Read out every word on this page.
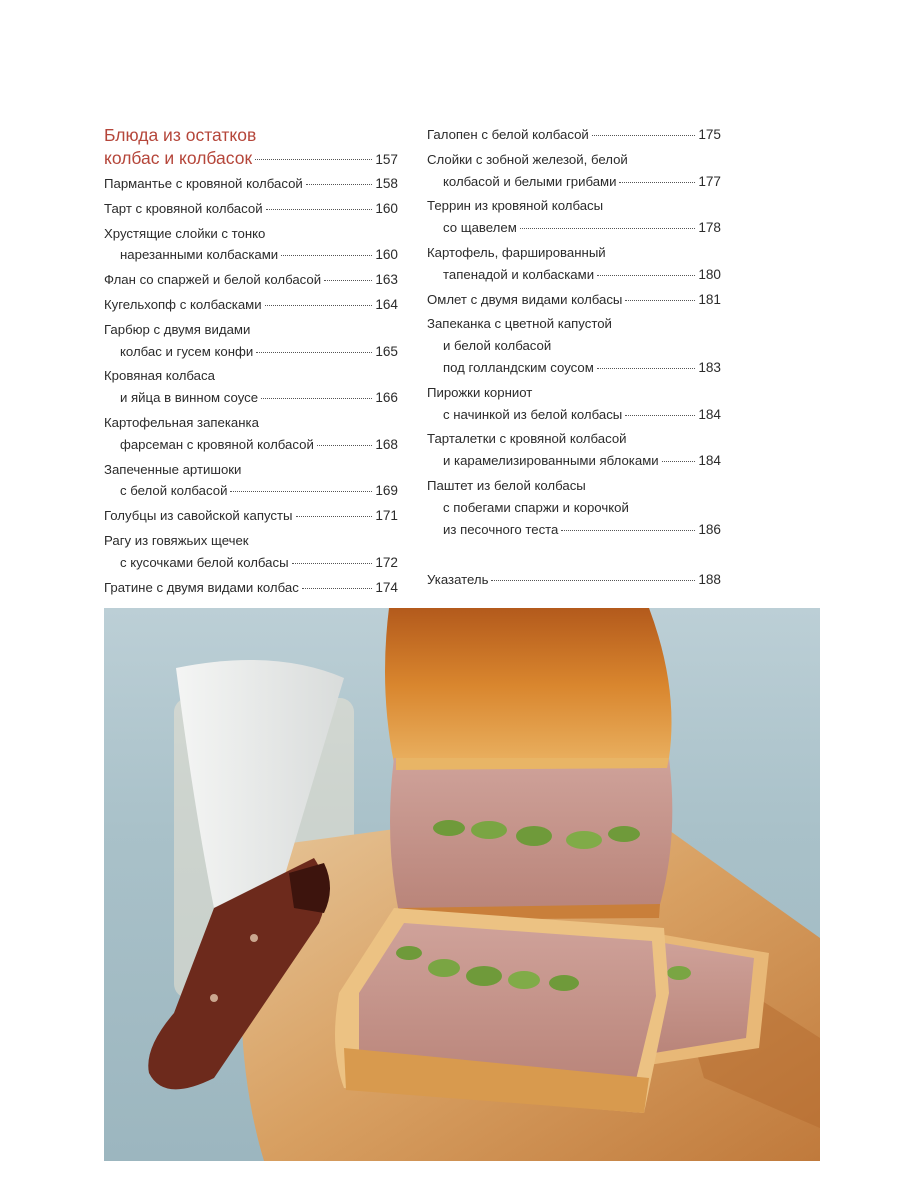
Блюда из остатков
колбас и колбасок	157
Пармантье с кровяной колбасой	158
Тарт с кровяной колбасой	160
Хрустящие слойки с тонко
нарезанными колбасками	160
Флан со спаржей и белой колбасой	163
Кугельхопф с колбасками	164
Гарбюр с двумя видами
колбас и гусем конфи	165
Кровяная колбаса
и яйца в винном соусе	166
Картофельная запеканка
фарсеман с кровяной колбасой	168
Запеченные артишоки
с белой колбасой	169
Голубцы из савойской капусты	171
Рагу из говяжьих щечек
с кусочками белой колбасы	172
Гратине с двумя видами колбас	174
Галопен с белой колбасой	175
Слойки с зобной железой, белой
колбасой и белыми грибами	177
Террин из кровяной колбасы
со щавелем	178
Картофель, фаршированный
тапенадой и колбасками	180
Омлет с двумя видами колбасы	181
Запеканка с цветной капустой
и белой колбасой
под голландским соусом	183
Пирожки корниот
с начинкой из белой колбасы	184
Тарталетки с кровяной колбасой
и карамелизированными яблоками	184
Паштет из белой колбасы
с побегами спаржи и корочкой
из песочного теста	186
Указатель	188
